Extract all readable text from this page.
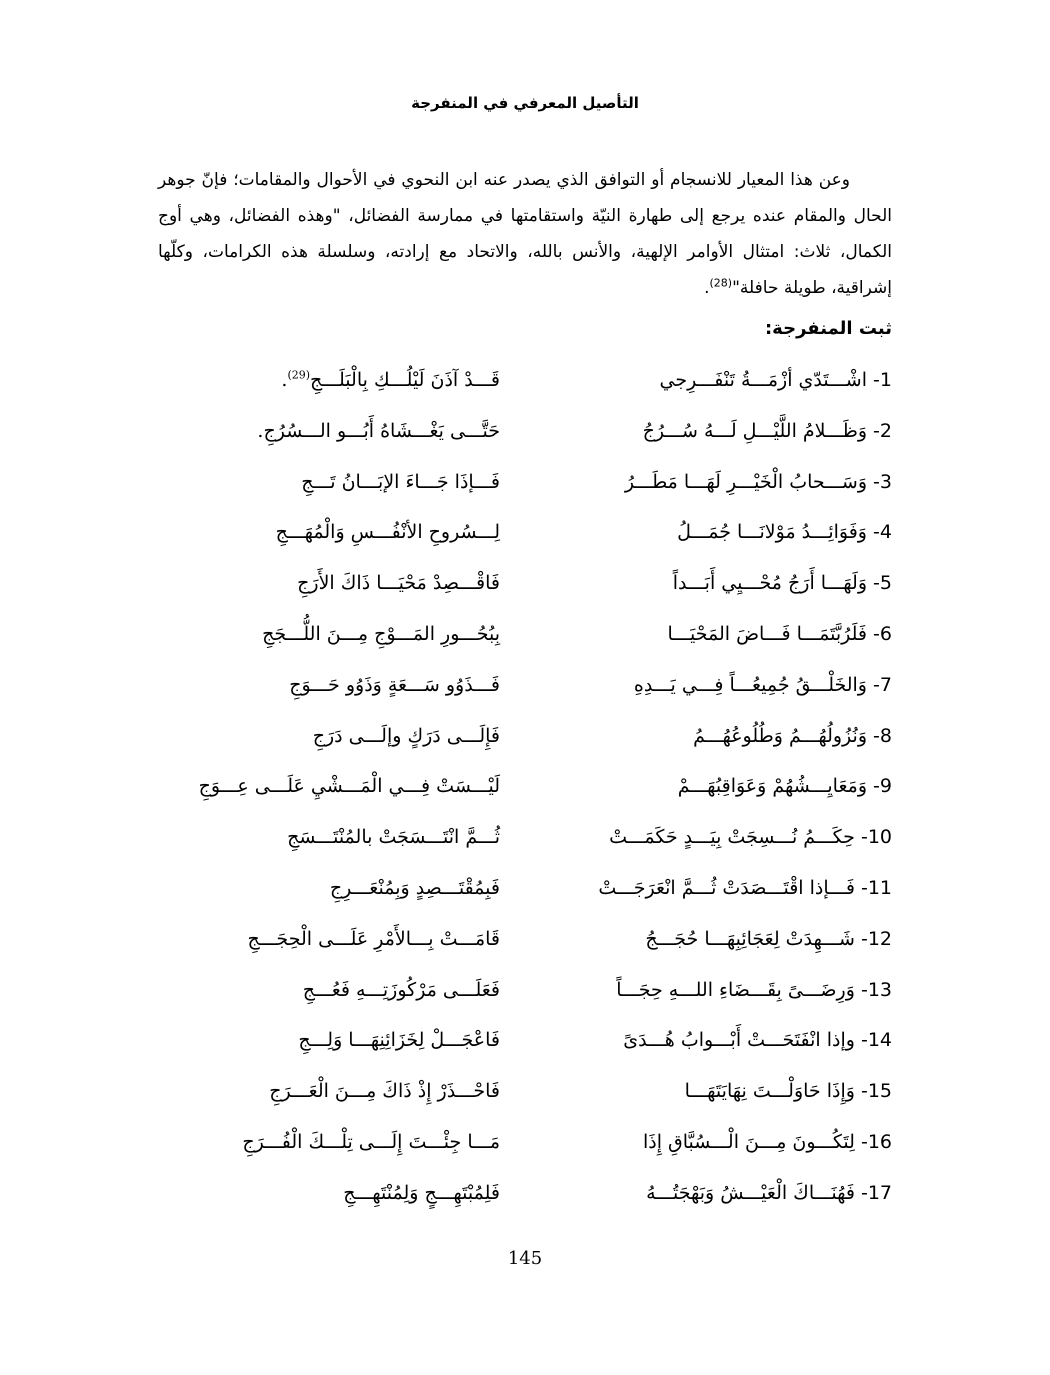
التأصيل المعرفي في المنفرجة

وعن هذا المعيار للانسجام أو التوافق الذي يصدر عنه ابن النحوي في الأحوال والمقامات؛ فإنّ جوهر الحال والمقام عنده يرجع إلى طهارة النيّة واستقامتها في ممارسة الفضائل، "وهذه الفضائل، وهي أوج الكمال، ثلاث: امتثال الأوامر الإلهية، والأنس بالله، والاتحاد مع إرادته، وسلسلة هذه الكرامات، وكلّها إشراقية، طويلة حافلة"$^{(28)}$.

ثبت المنفرجة:
1- اشْـــتَدّي أزْمَـــةُ تَنْفَـــرِجي
قَـــدْ آذَنَ لَيْلُـــكِ بِالْبَلَـــجِ$^{(29)}$.
2- وَظَـــلامُ اللَّيْـــلِ لَـــهُ سُـــرُجُ
حَتَّـــى يَغْـــشَاهُ أَبُـــو الـــسُرُجِ.
3- وَسَـــحابُ الْخَيْـــرِ لَهَـــا مَطَـــرُ
فَـــإذَا جَـــاءَ الإبَـــانُ تَـــجِ
4- وَفَوَائِـــدُ مَوْلانَـــا جُمَـــلُ
لِـــسُروحِ الأنْفُـــسِ وَالْمُهَـــجِ
5- وَلَهَـــا أَرَجُ مُحْـــيِي أَبَـــداً
فَاقْـــصِدْ مَحْيَـــا ذَاكَ الأَرَجِ
6- فَلَرُبَّتَمَـــا فَـــاضَ المَحْيَـــا
بِبُحُـــورِ المَـــوْجِ مِـــنَ اللُّـــجَجِ
7- وَالخَلْـــقُ جُمِيعُـــاً فِـــي يَـــدِهِ
فَـــذَوُو سَـــعَةٍ وَذَوُو حَـــوَجِ
8- وَنُزُولُهُـــمُ وَطُلُوعُهُـــمُ
فَإِلَـــى دَرَكٍ وإلَـــى دَرَجِ
9- وَمَعَايِـــشُهُمْ وَعَوَاقِبُهَـــمْ
لَيْـــسَتْ فِـــي الْمَـــشْيِ عَلَـــى عِـــوَجِ
10- حِكَـــمُ نُـــسِجَتْ بِيَـــدٍ حَكَمَـــتْ
ثُـــمَّ انْتَـــسَجَتْ بالمُنْتَـــسَجِ
11- فَـــإذا اقْتَـــصَدَتْ ثُـــمَّ انْعَرَجَـــتْ
فَبِمُقْتَـــصِدٍ وَبِمُنْعَـــرِجِ
12- شَـــهِدَتْ لِعَجَائِبِهَـــا حُجَـــجُ
قَامَـــتْ بِـــالأَمْرِ عَلَـــى الْحِجَـــجِ
13- وَرِضَـــىً بِقَـــضَاءِ اللـــهِ حِجَـــاً
فَعَلَـــى مَرْكُوزَتِـــهِ فَعُـــجِ
14- وإذا انْفَتَحَـــتْ أَبْـــوابُ هُـــدَىً
فَاعْجَـــلْ لِخَزَائِنِهَـــا وَلِـــجِ
15- وَإِذَا حَاوَلْـــتَ نِهَايَتَهَـــا
فَاحْـــذَرْ إِذْ ذَاكَ مِـــنَ الْعَـــرَجِ
16- لِتَكُـــونَ مِـــنَ الْـــسُبَّاقِ إِذَا
مَـــا جِئْـــتَ إِلَـــى تِلْـــكَ الْفُـــرَجِ
17- فَهُنَـــاكَ الْعَيْـــشُ وَبَهْجَتُـــهُ
فَلِمُبْتَهِـــجٍ وَلِمُنْتَهِـــجِ
145
